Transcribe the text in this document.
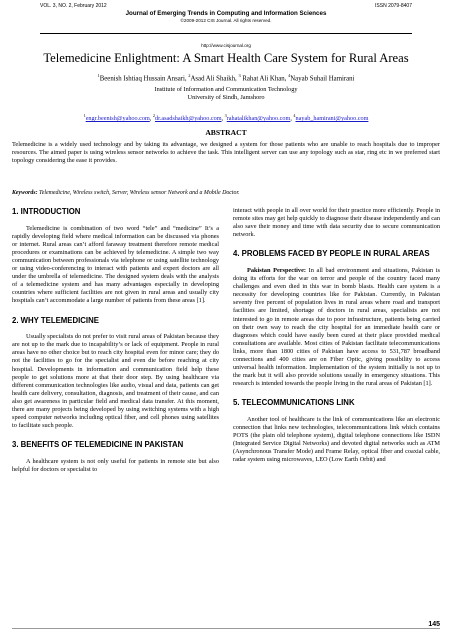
VOL. 3, NO. 2, February 2012	ISSN 2079-8407
Journal of Emerging Trends in Computing and Information Sciences
©2009-2012 CIS Journal. All rights reserved.
http://www.cisjournal.org
Telemedicine Enlightment: A Smart Health Care System for Rural Areas
$^1$Beenish Ishtiaq Hussain Ansari, $^2$Asad Ali Shaikh, $^3$ Rahat Ali Khan, $^4$Nayab Suhail Hamirani
Institute of Information and Communication Technology
University of Sindh, Jamshoro
$^1$engr.beenish@yahoo.com, $^2$dr.asadshaikh@yahoo.com, $^3$rahatalikhan@yahoo.com, $^4$nayab_hamirani@yahoo.com
ABSTRACT
Telemedicine is a widely used technology and by taking its advantage, we designed a system for those patients who are unable to reach hospitals due to improper resources. The aimed paper is using wireless sensor networks to achieve the task. This intelligent server can use any topology such as star, ring etc in we preferred start topology considering the ease it provides.
Keywords: Telemedicine, Wireless switch, Server, Wireless sensor Network and a Mobile Doctor.
1. INTRODUCTION

Telemedicine is combination of two word “tele” and “medicine” It’s a rapidly developing field where medical information can be discussed via phones or internet. Rural areas can’t afford faraway treatment therefore remote medical procedures or examinations can be achieved by telemedicine. A simple two way communication between professionals via telephone or using satellite technology or using video-conferencing to interact with patients and expert doctors are all under the umbrella of telemedicine. The designed system deals with the analysis of a telemedicine system and has many advantages especially in developing countries where sufficient facilities are not given in rural areas and usually city hospitals can’t accommodate a large number of patients from these areas [1].

2. WHY TELEMEDICINE

Usually specialists do not prefer to visit rural areas of Pakistan because they are not up to the mark due to incapability’s or lack of equipment. People in rural areas have no other choice but to reach city hospital even for minor care; they do not the facilities to go for the specialist and even die before reaching at city hospital. Developments in information and communication field help these people to get solutions more at that their door step. By using healthcare via different communication technologies like audio, visual and data, patients can get health care delivery, consultation, diagnosis, and treatment of their cause, and can also get awareness in particular field and medical data transfer. At this moment, there are many projects being developed by using switching systems with a high speed computer networks including optical fiber, and cell phones using satellites to facilitate such people.

3. BENEFITS OF TELEMEDICINE IN PAKISTAN

A healthcare system is not only useful for patients in remote site but also helpful for doctors or specialist to

interact with people in all over world for their practice more efficiently. People in remote sites may get help quickly to diagnose their disease independently and can also save their money and time with data security due to secure communication network.

4. PROBLEMS FACED BY PEOPLE IN RURAL AREAS

Pakistan Perspective: In all bad environment and situations, Pakistan is doing its efforts for the war on terror and people of the country faced many challenges and even died in this war in bomb blasts. Health care system is a necessity for developing countries like for Pakistan. Currently, in Pakistan seventy five percent of population lives in rural areas where road and transport facilities are limited, shortage of doctors in rural areas, specialists are not interested to go in remote areas due to poor infrastructure, patients being carried on their own way to reach the city hospital for an immediate health care or diagnoses which could have easily been cured at their place provided medical consultations are available. Most cities of Pakistan facilitate telecommunications links, more than 1800 cities of Pakistan have access to 531,787 broadband connections and 400 cities are on Fiber Optic, giving possibility to access universal health information. Implementation of the system initially is not up to the mark but it will also provide solutions usually in emergency situations. This research is intended towards the people living in the rural areas of Pakistan [1].

5. TELECOMMUNICATIONS LINK

Another tool of healthcare is the link of communications like an electronic connection that links new technologies, telecommunications link which contains POTS (the plain old telephone system), digital telephone connections like ISDN (Integrated Service Digital Networks) and devoted digital networks such as ATM (Asynchronous Transfer Mode) and Frame Relay, optical fiber and coaxial cable, radar system using microwaves, LEO (Low Earth Orbit) and

145
